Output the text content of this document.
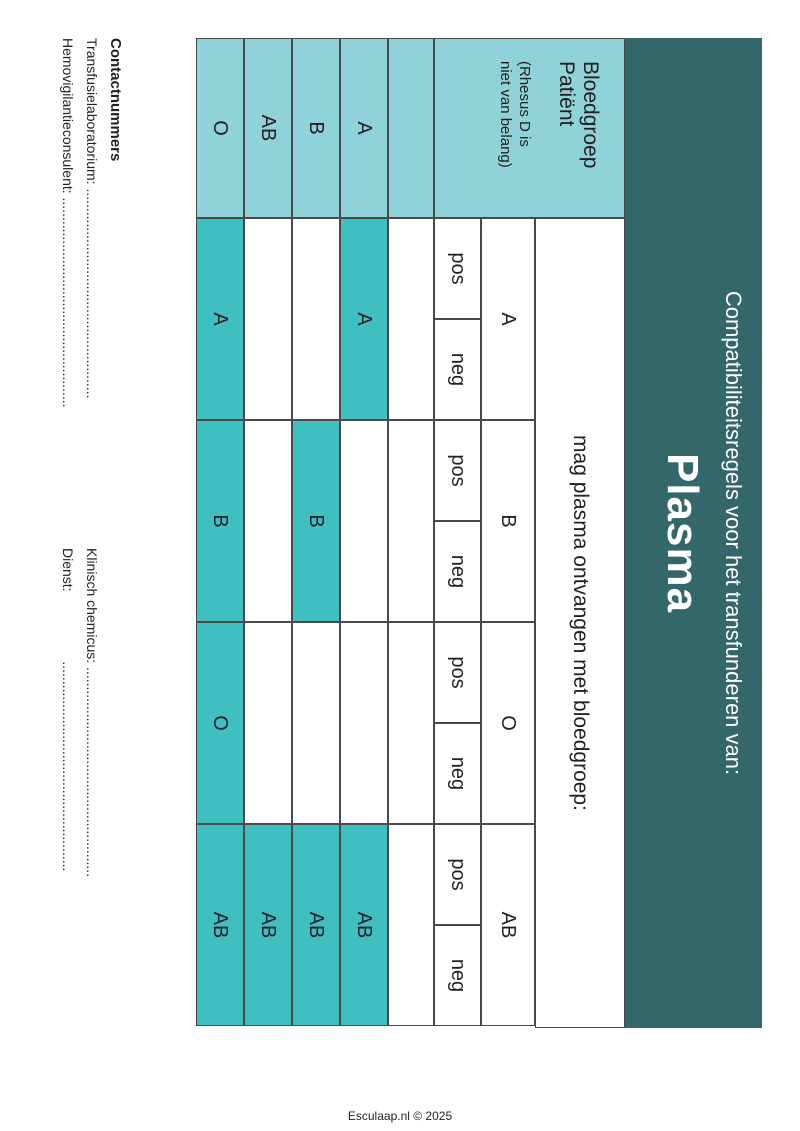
Compatibiliteitsregels voor het transfunderen van:
Plasma
Bloedgroep
Patiënt
(Rhesus D is
niet van belang)
mag plasma ontvangen met bloedgroep:
A
pos
neg
B
pos
neg
O
pos
neg
AB
pos
neg
A
A
AB
B
B
AB
AB
AB
O
A
B
O
AB
Contactnummers
Transfusielaboratorium: ......................................................
Hemovigilantieconsulent: ......................................................
Klinisch chemicus: ......................................................
Dienst:  ......................................................
Esculaap.nl © 2025
